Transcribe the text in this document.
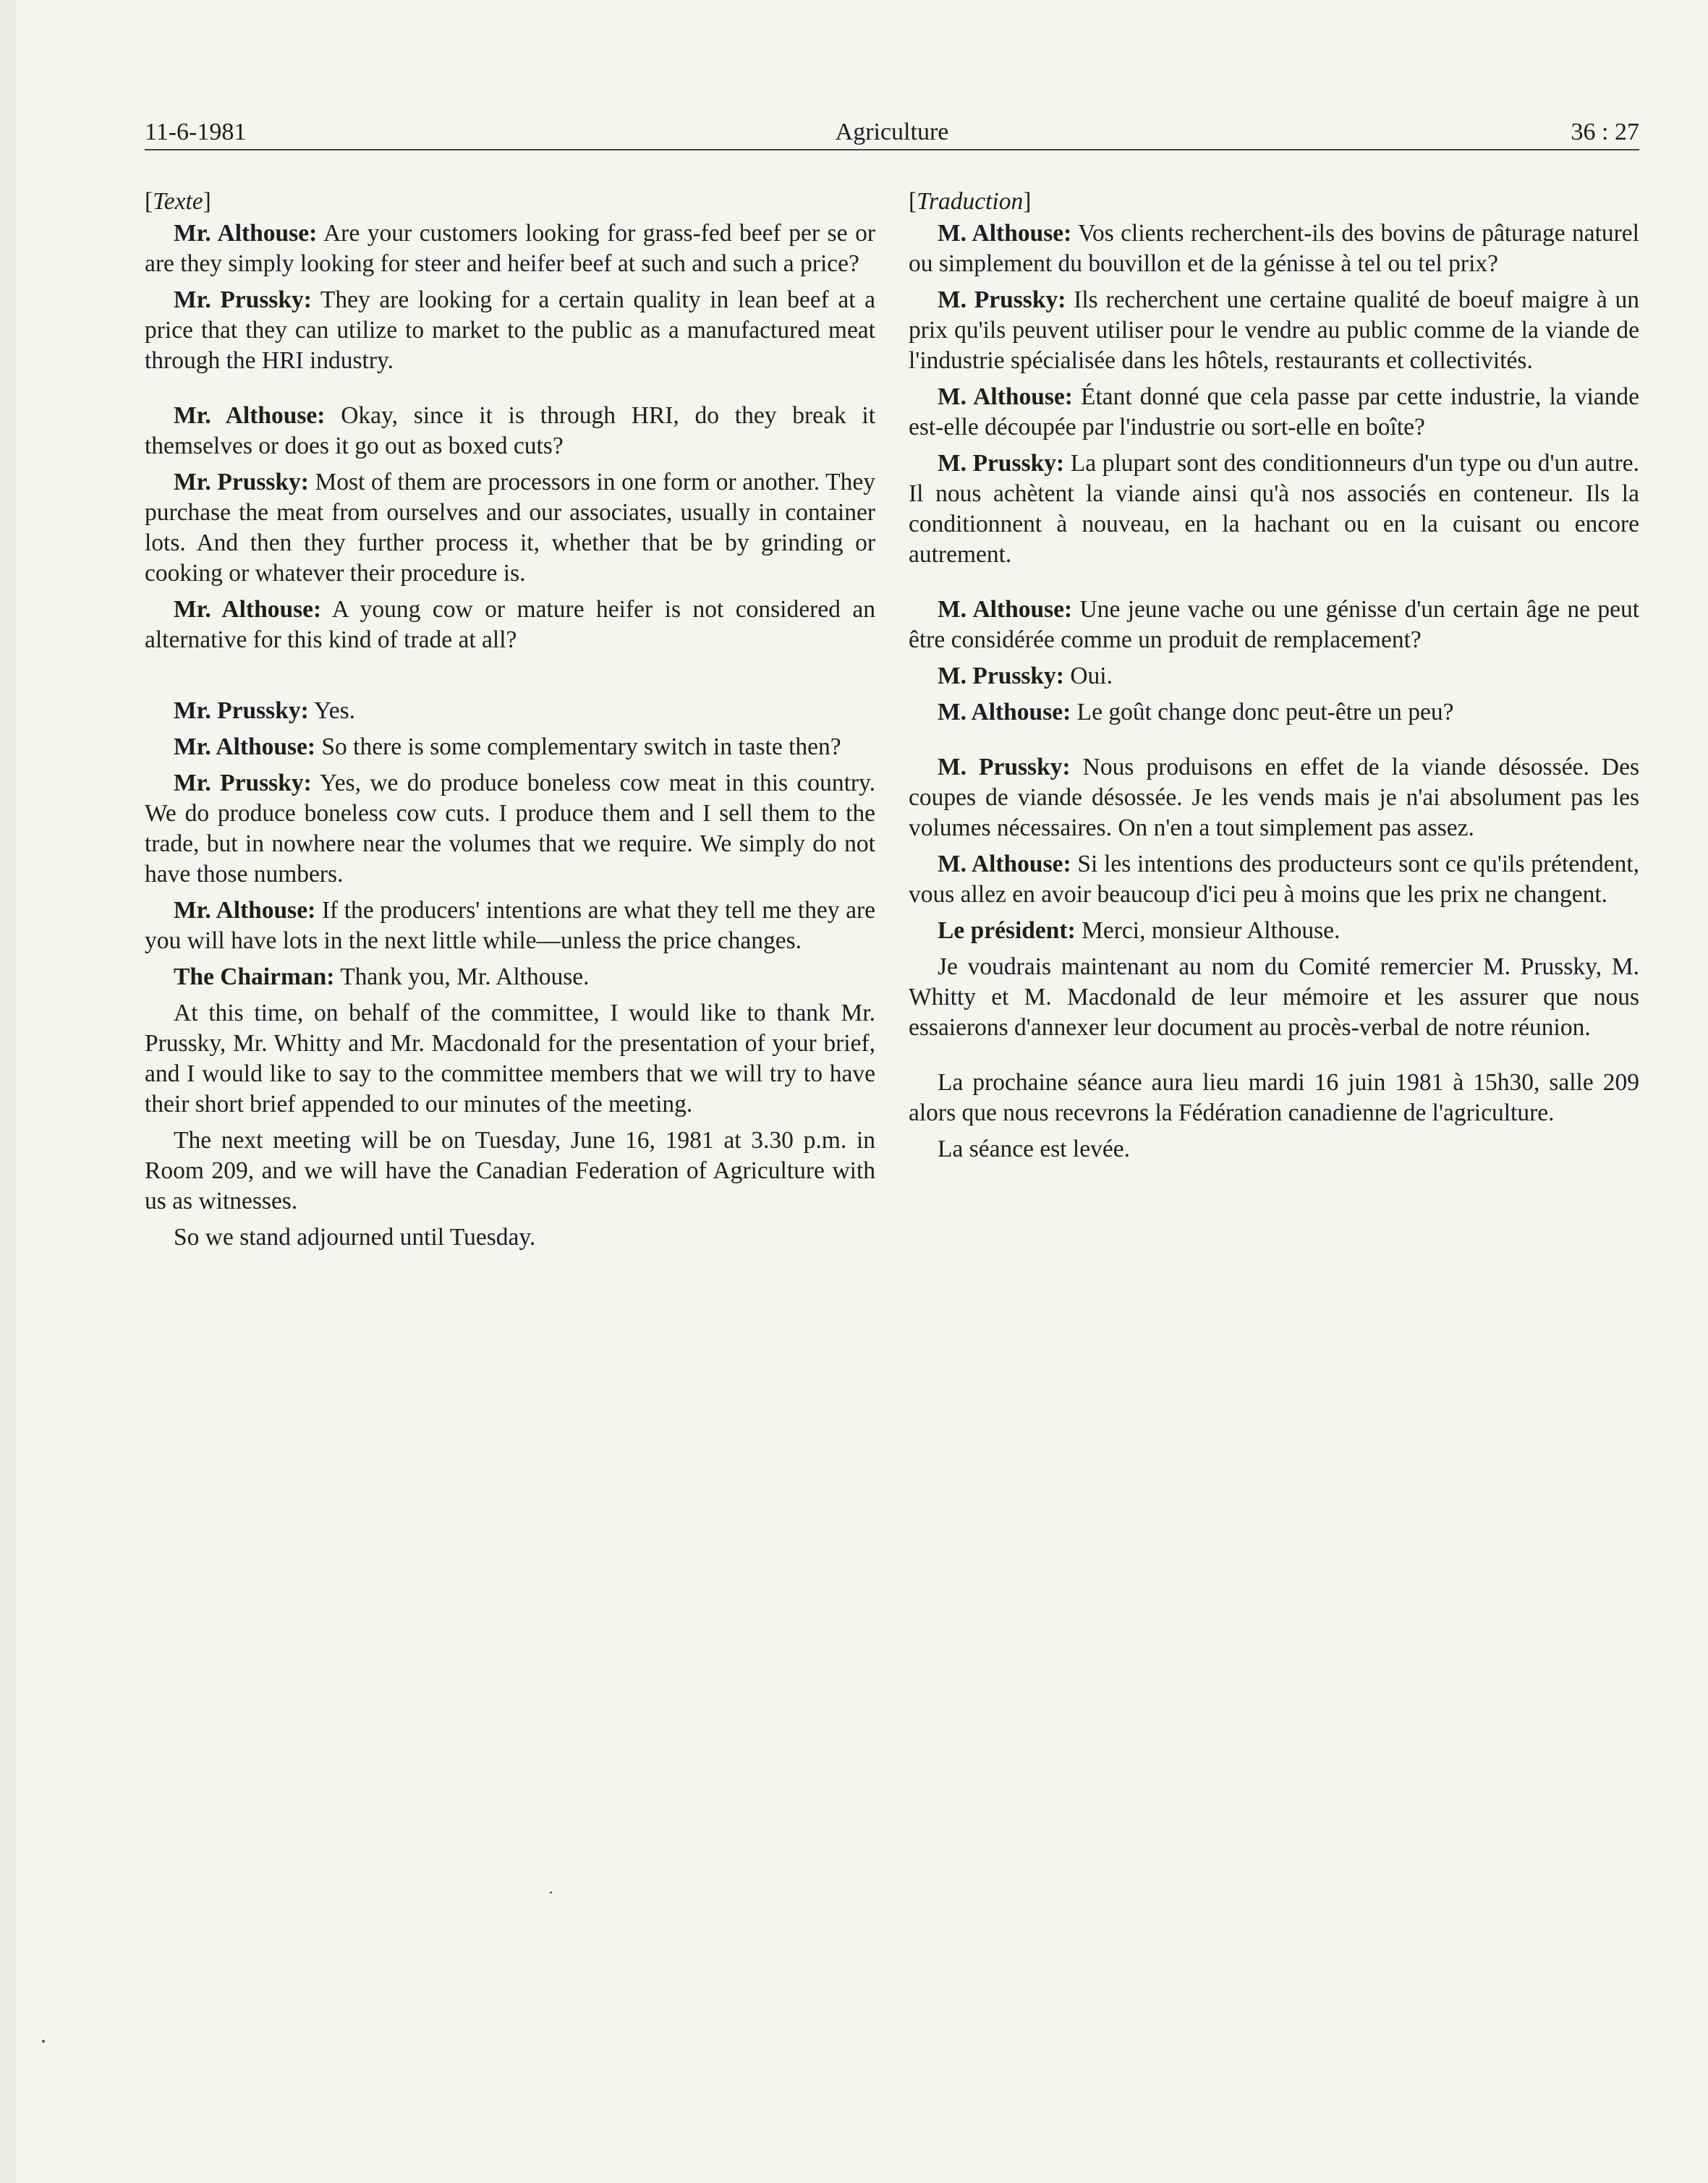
11-6-1981	Agriculture	36 : 27
[Texte]

Mr. Althouse: Are your customers looking for grass-fed beef per se or are they simply looking for steer and heifer beef at such and such a price?

Mr. Prussky: They are looking for a certain quality in lean beef at a price that they can utilize to market to the public as a manufactured meat through the HRI industry.

Mr. Althouse: Okay, since it is through HRI, do they break it themselves or does it go out as boxed cuts?

Mr. Prussky: Most of them are processors in one form or another. They purchase the meat from ourselves and our associates, usually in container lots. And then they further process it, whether that be by grinding or cooking or whatever their procedure is.

Mr. Althouse: A young cow or mature heifer is not considered an alternative for this kind of trade at all?

Mr. Prussky: Yes.

Mr. Althouse: So there is some complementary switch in taste then?

Mr. Prussky: Yes, we do produce boneless cow meat in this country. We do produce boneless cow cuts. I produce them and I sell them to the trade, but in nowhere near the volumes that we require. We simply do not have those numbers.

Mr. Althouse: If the producers' intentions are what they tell me they are you will have lots in the next little while—unless the price changes.

The Chairman: Thank you, Mr. Althouse.

At this time, on behalf of the committee, I would like to thank Mr. Prussky, Mr. Whitty and Mr. Macdonald for the presentation of your brief, and I would like to say to the committee members that we will try to have their short brief appended to our minutes of the meeting.

The next meeting will be on Tuesday, June 16, 1981 at 3.30 p.m. in Room 209, and we will have the Canadian Federation of Agriculture with us as witnesses.

So we stand adjourned until Tuesday.

[Traduction]

M. Althouse: Vos clients recherchent-ils des bovins de pâturage naturel ou simplement du bouvillon et de la génisse à tel ou tel prix?

M. Prussky: Ils recherchent une certaine qualité de boeuf maigre à un prix qu'ils peuvent utiliser pour le vendre au public comme de la viande de l'industrie spécialisée dans les hôtels, restaurants et collectivités.

M. Althouse: Étant donné que cela passe par cette industrie, la viande est-elle découpée par l'industrie ou sort-elle en boîte?

M. Prussky: La plupart sont des conditionneurs d'un type ou d'un autre. Il nous achètent la viande ainsi qu'à nos associés en conteneur. Ils la conditionnent à nouveau, en la hachant ou en la cuisant ou encore autrement.

M. Althouse: Une jeune vache ou une génisse d'un certain âge ne peut être considérée comme un produit de remplacement?

M. Prussky: Oui.

M. Althouse: Le goût change donc peut-être un peu?

M. Prussky: Nous produisons en effet de la viande désossée. Des coupes de viande désossée. Je les vends mais je n'ai absolument pas les volumes nécessaires. On n'en a tout simplement pas assez.

M. Althouse: Si les intentions des producteurs sont ce qu'ils prétendent, vous allez en avoir beaucoup d'ici peu à moins que les prix ne changent.

Le président: Merci, monsieur Althouse.

Je voudrais maintenant au nom du Comité remercier M. Prussky, M. Whitty et M. Macdonald de leur mémoire et les assurer que nous essaierons d'annexer leur document au procès-verbal de notre réunion.

La prochaine séance aura lieu mardi 16 juin 1981 à 15h30, salle 209 alors que nous recevrons la Fédération canadienne de l'agriculture.

La séance est levée.
